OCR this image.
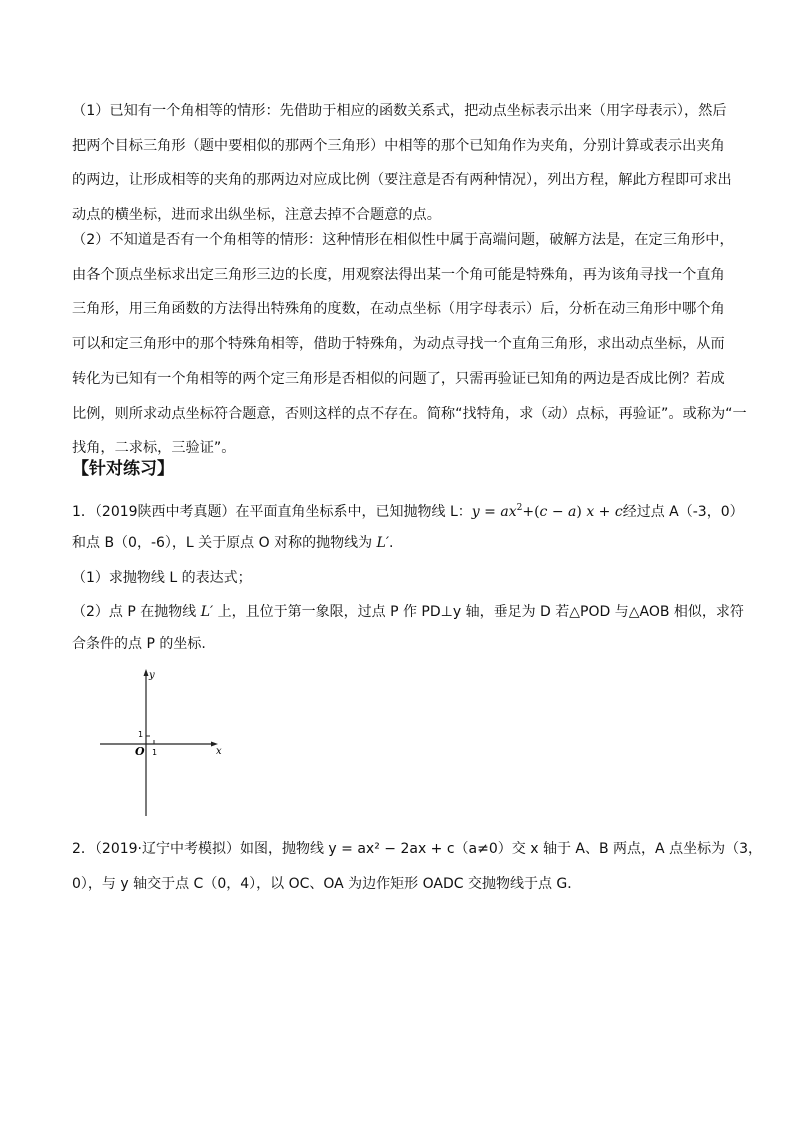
（1）已知有一个角相等的情形：先借助于相应的函数关系式，把动点坐标表示出来（用字母表示），然后
把两个目标三角形（题中要相似的那两个三角形）中相等的那个已知角作为夹角，分别计算或表示出夹角
的两边，让形成相等的夹角的那两边对应成比例（要注意是否有两种情况），列出方程，解此方程即可求出
动点的横坐标，进而求出纵坐标，注意去掉不合题意的点。
（2）不知道是否有一个角相等的情形：这种情形在相似性中属于高端问题，破解方法是，在定三角形中，
由各个顶点坐标求出定三角形三边的长度，用观察法得出某一个角可能是特殊角，再为该角寻找一个直角
三角形，用三角函数的方法得出特殊角的度数，在动点坐标（用字母表示）后，分析在动三角形中哪个角
可以和定三角形中的那个特殊角相等，借助于特殊角，为动点寻找一个直角三角形，求出动点坐标，从而
转化为已知有一个角相等的两个定三角形是否相似的问题了，只需再验证已知角的两边是否成比例？若成
比例，则所求动点坐标符合题意，否则这样的点不存在。简称“找特角，求（动）点标，再验证”。或称为“一
找角，二求标，三验证”。

【针对练习】

1．（2019陕西中考真题）在平面直角坐标系中，已知抛物线 L：$y = ax^2+(c - a) x + c$经过点 A（-3，0）

和点 B（0，-6），L 关于原点 O 对称的抛物线为 L′.

（1）求抛物线 L 的表达式；

（2）点 P 在抛物线 L′ 上，且位于第一象限，过点 P 作 PD⊥y 轴，垂足为 D 若△POD 与△AOB 相似，求符

合条件的点 P 的坐标.

x
y
O 1
1

2．（2019·辽宁中考模拟）如图，抛物线 y = ax² − 2ax + c（a≠0）交 x 轴于 A、B 两点，A 点坐标为（3，

0），与 y 轴交于点 C（0，4），以 OC、OA 为边作矩形 OADC 交抛物线于点 G．
